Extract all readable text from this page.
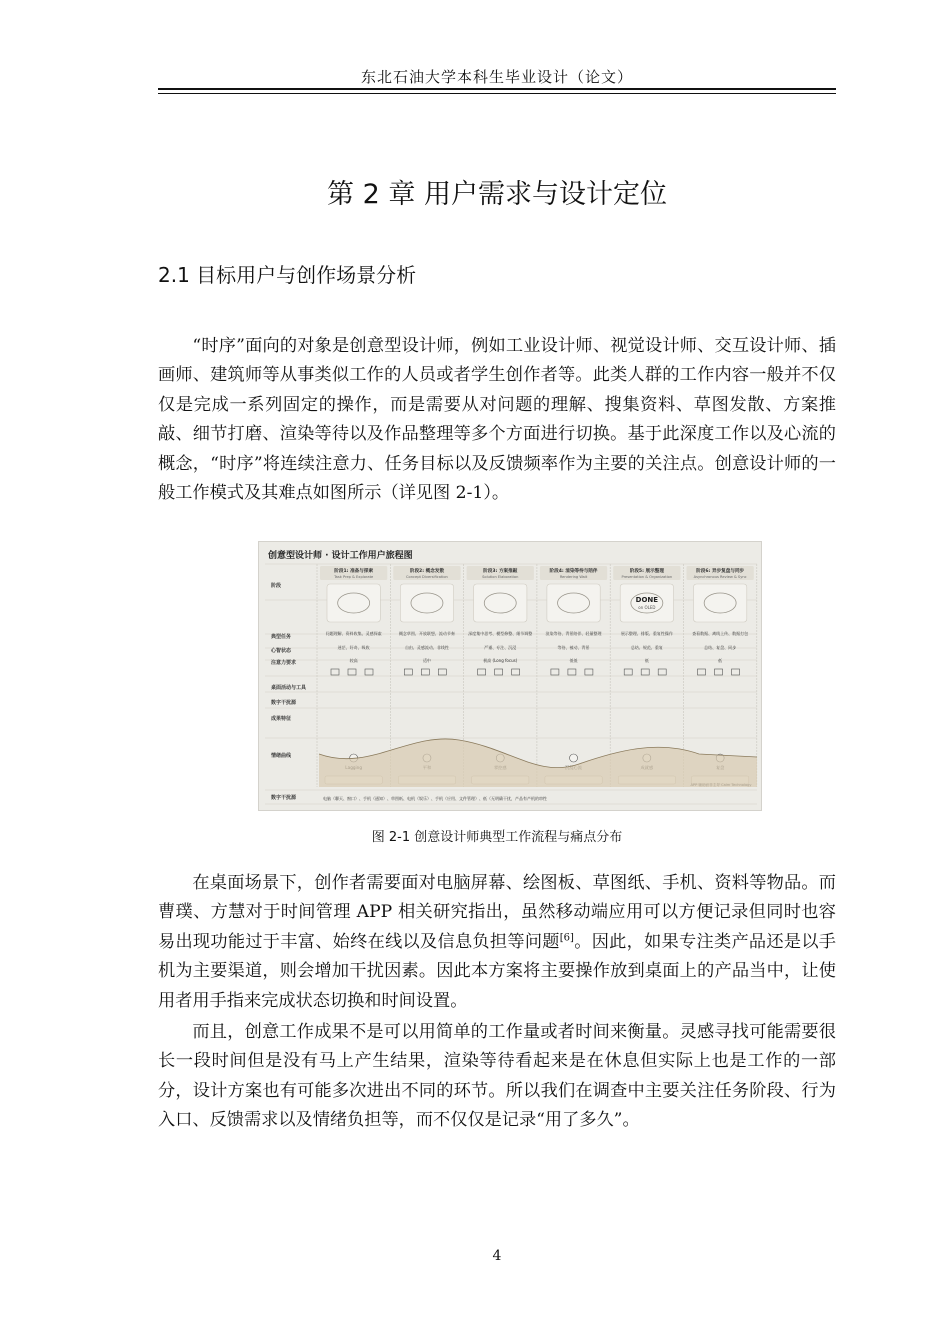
东北石油大学本科生毕业设计（论文）
第 2 章 用户需求与设计定位
2.1 目标用户与创作场景分析

“时序”面向的对象是创意型设计师，例如工业设计师、视觉设计师、交互设计师、插画师、建筑师等从事类似工作的人员或者学生创作者等。此类人群的工作内容一般并不仅仅是完成一系列固定的操作，而是需要从对问题的理解、搜集资料、草图发散、方案推敲、细节打磨、渲染等待以及作品整理等多个方面进行切换。基于此深度工作以及心流的概念，“时序”将连续注意力、任务目标以及反馈频率作为主要的关注点。创意设计师的一般工作模式及其难点如图所示（详见图 2-1）。

阶段1: 准备与探索
Task Prep & Explorate
阶段2: 概念发散
Concept Diversification
阶段3: 方案推敲
Solution Elaboration
阶段4: 渲染等待与陪伴
Rendering Wait
阶段5: 展示整理
Presentation & Organization
阶段6: 异步复盘与同步
Asynchronous Review & Sync
阶段
典型任务
心智状态
注意力要求
桌面活动与工具
数字干扰源
成果特征
情绪曲线
数字干扰源
问题理解、资料收集、灵感探索
迷茫、好奇、吸收
较高
概念草图、开放联想、流动节奏
自由、灵感流动、非线性
适中
深度集中思考、模型修整、细节调整
严谨、专注、沉浸
极高 (Long focus)
渲染等待、背景陪伴、轻量整理
等待、被动、背景
低低
DONE
on OLED
展示整理、排版、重复性操作
总结、规范、重复
低
查看数据、离线上传、数据打包
总结、复盘、同步
低
电脑（聊天、窗口）、手机（通知）、草图纸、电机（娱乐）、手机（应用、文件管理）、低（无明确干扰，产品有产机的串性
创意型设计师 · 设计工作用户旅程图
图 2-1 创意设计师典型工作流程与痛点分布

在桌面场景下，创作者需要面对电脑屏幕、绘图板、草图纸、手机、资料等物品。而曹璞、方慧对于时间管理 APP 相关研究指出，虽然移动端应用可以方便记录但同时也容易出现功能过于丰富、始终在线以及信息负担等问题[6]。因此，如果专注类产品还是以手机为主要渠道，则会增加干扰因素。因此本方案将主要操作放到桌面上的产品当中，让使用者用手指来完成状态切换和时间设置。

而且，创意工作成果不是可以用简单的工作量或者时间来衡量。灵感寻找可能需要很长一段时间但是没有马上产生结果，渲染等待看起来是在休息但实际上也是工作的一部分，设计方案也有可能多次进出不同的环节。所以我们在调查中主要关注任务阶段、行为入口、反馈需求以及情绪负担等，而不仅仅是记录“用了多久”。

4
